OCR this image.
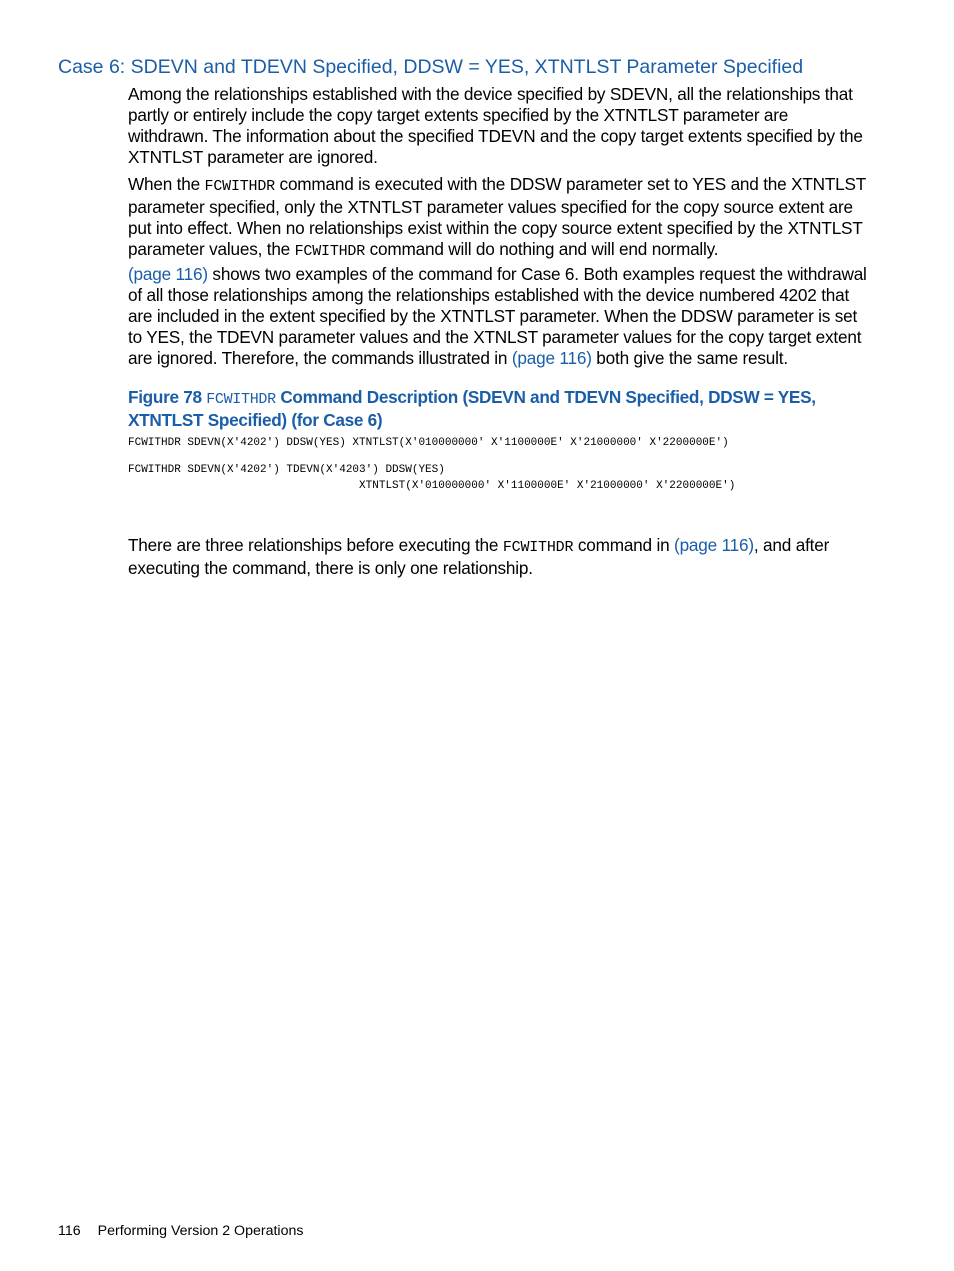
Case 6: SDEVN and TDEVN Specified, DDSW = YES, XTNTLST Parameter Specified

Among the relationships established with the device specified by SDEVN, all the relationships that partly or entirely include the copy target extents specified by the XTNTLST parameter are withdrawn. The information about the specified TDEVN and the copy target extents specified by the XTNTLST parameter are ignored.

When the FCWITHDR command is executed with the DDSW parameter set to YES and the XTNTLST parameter specified, only the XTNTLST parameter values specified for the copy source extent are put into effect. When no relationships exist within the copy source extent specified by the XTNTLST parameter values, the FCWITHDR command will do nothing and will end normally.

(page 116) shows two examples of the command for Case 6. Both examples request the withdrawal of all those relationships among the relationships established with the device numbered 4202 that are included in the extent specified by the XTNTLST parameter. When the DDSW parameter is set to YES, the TDEVN parameter values and the XTNLST parameter values for the copy target extent are ignored. Therefore, the commands illustrated in (page 116) both give the same result.

Figure 78 FCWITHDR Command Description (SDEVN and TDEVN Specified, DDSW = YES, XTNTLST Specified) (for Case 6)

FCWITHDR SDEVN(X'4202') DDSW(YES) XTNTLST(X'010000000' X'1100000E' X'21000000' X'2200000E')
FCWITHDR SDEVN(X'4202') TDEVN(X'4203') DDSW(YES)
XTNTLST(X'010000000' X'1100000E' X'21000000' X'2200000E')

There are three relationships before executing the FCWITHDR command in (page 116), and after executing the command, there is only one relationship.

116 Performing Version 2 Operations
